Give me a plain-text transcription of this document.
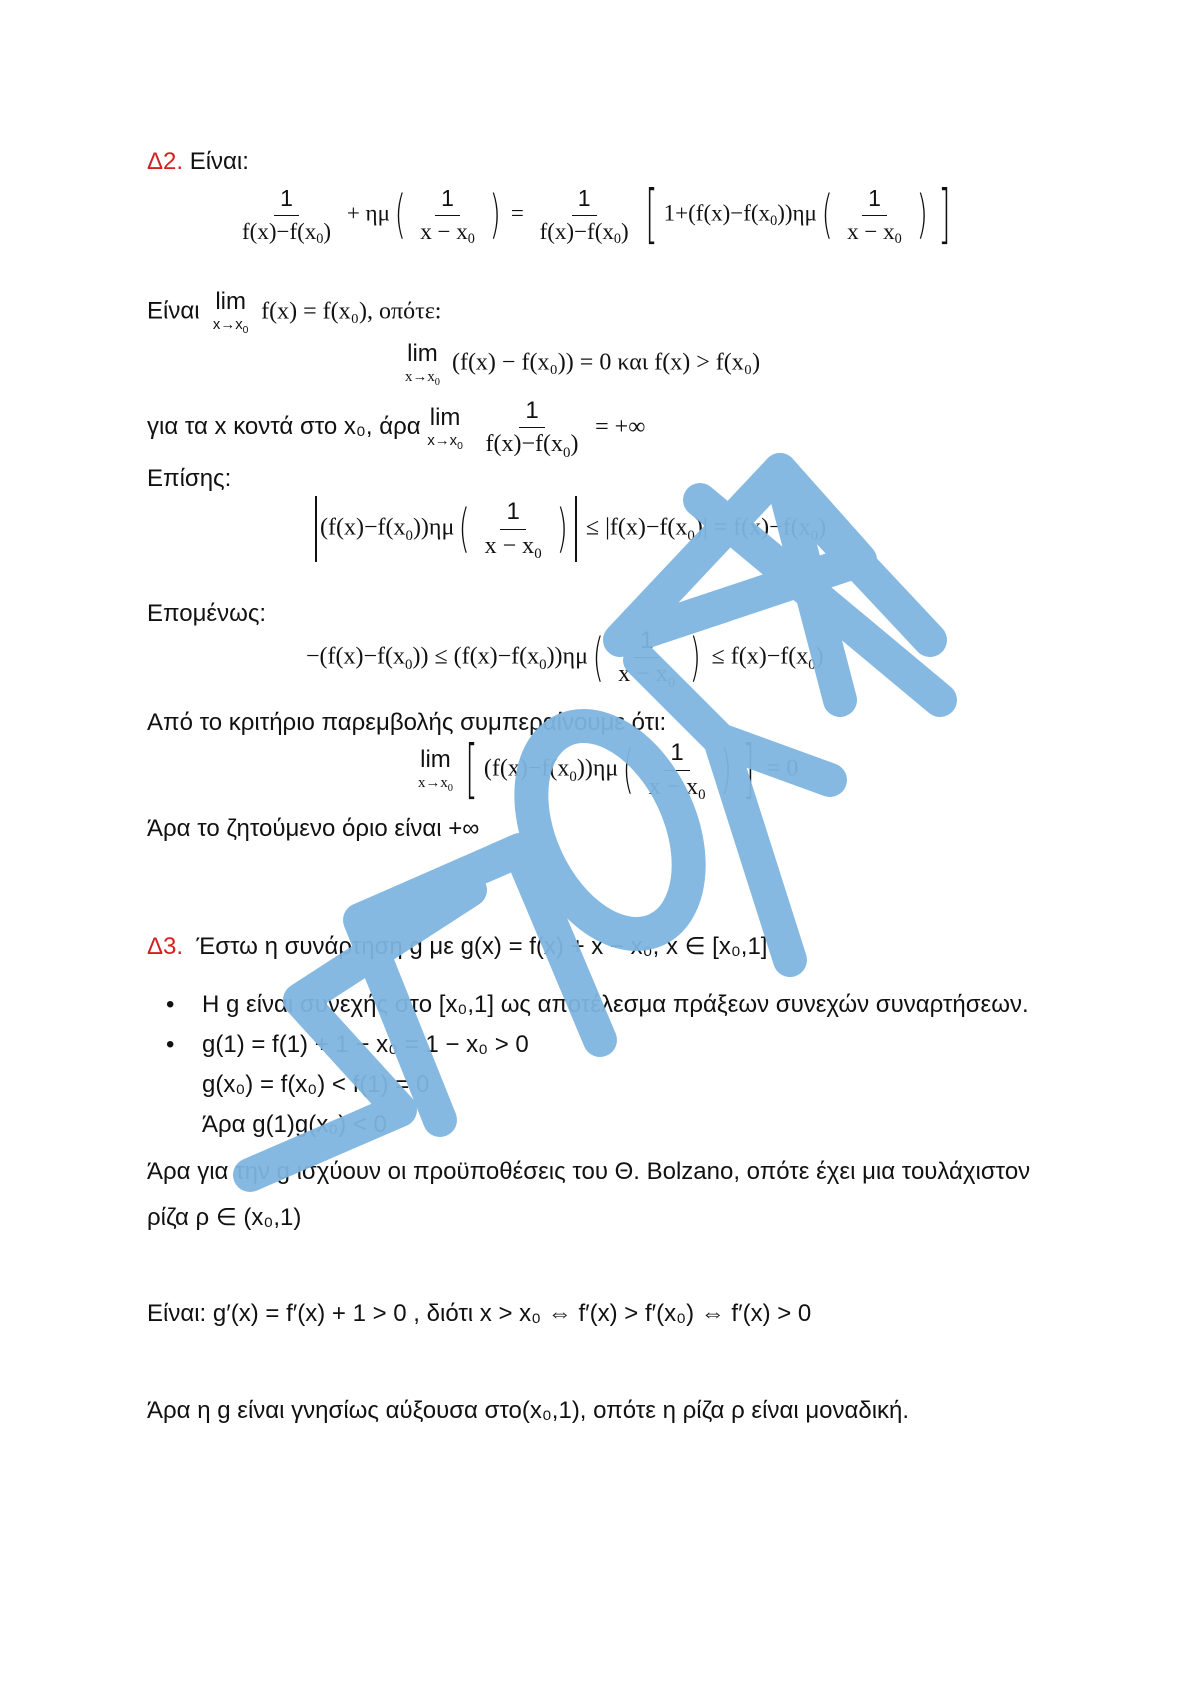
Δ2. Είναι:
$\frac{1}{f(x)-f(x_0)} + \eta\mu( \frac{1}{x - x_0}$ ) = $\frac{1}{f(x)-f(x_0)}$ [ $1+(f(x)-f(x_0))\eta\mu( \frac{1}{x - x_0}$ ) ]
Είναι lim
$x\to x_0$
f(x) = f(x₀), οπότε:
lim
$x\to x_0$
(f(x) − f(x₀)) = 0 και f(x) > f(x₀)
για τα x κοντά στο x₀, άρα lim
$x\to x_0$
$\frac{1}{f(x)-f(x_0)}$ = +∞
Επίσης:
$(f(x)-f(x_0))\eta\mu( \frac{1}{x - x_0}$ ) ≤ $|f(x)-f(x_0)| = f(x)-f(x_0)$
Επομένως:
$-(f(x)-f(x_0)) \le (f(x)-f(x_0))\eta\mu( \frac{1}{x - x_0}$ ) ≤ $f(x)-f(x_0)$
Από το κριτήριο παρεμβολής συμπεραίνουμε ότι:
lim
$x\to x_0$ [ $(f(x)-f(x_0))\eta\mu( \frac{1}{x - x_0}$ ) ] = 0
Άρα το ζητούμενο όριο είναι +∞
Δ3. Έστω η συνάρτηση g με g(x) = f(x) + x − x₀, x ∈ [x₀,1]
• Η g είναι συνεχής στο [x₀,1] ως αποτέλεσμα πράξεων συνεχών συναρτήσεων.
• g(1) = f(1) + 1 − x₀ = 1 − x₀ > 0
g(x₀) = f(x₀) < f(1) = 0
Άρα g(1)g(x₀) < 0
Άρα για την g ισχύουν οι προϋποθέσεις του Θ. Bolzano, οπότε έχει μια τουλάχιστον
ρίζα ρ ∈ (x₀,1)
Είναι: g′(x) = f′(x) + 1 > 0 , διότι x > x₀ ⇔ f′(x) > f′(x₀) ⇔ f′(x) > 0
Άρα η g είναι γνησίως αύξουσα στο(x₀,1), οπότε η ρίζα ρ είναι μοναδική.
